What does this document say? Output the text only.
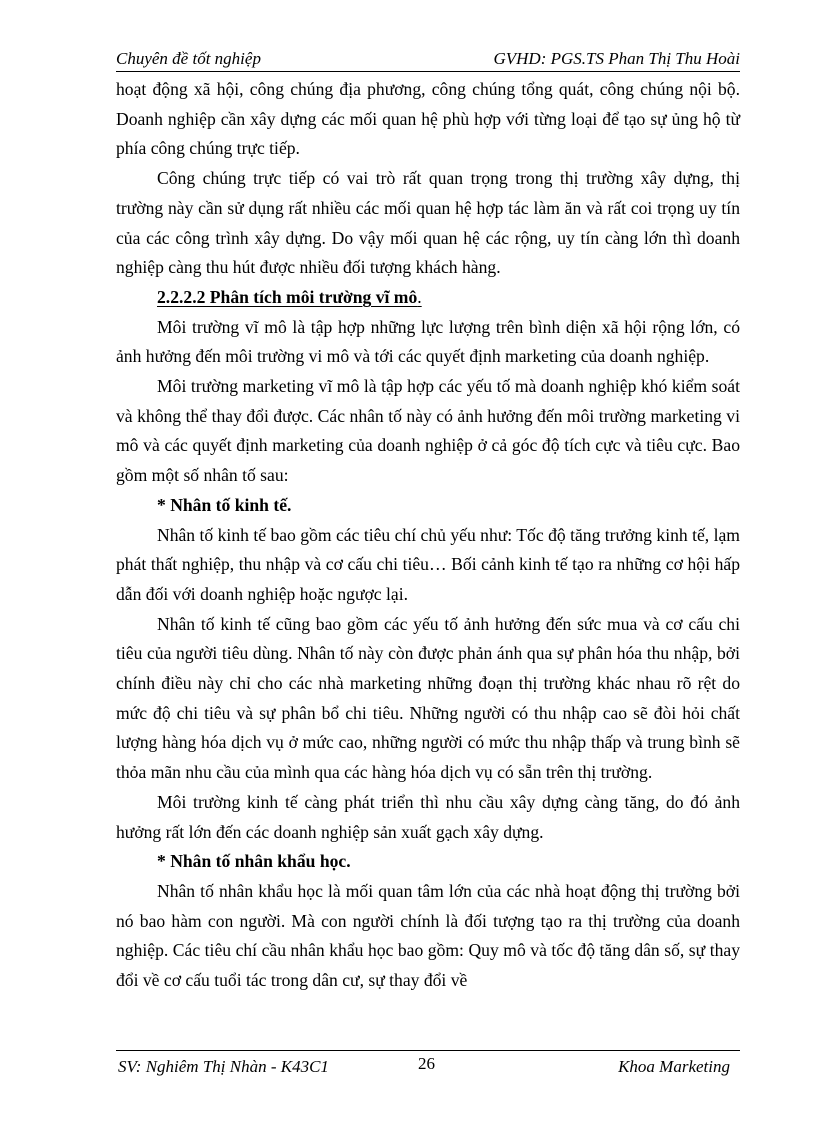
Chuyên đề tốt nghiệp	GVHD: PGS.TS Phan Thị Thu Hoài

hoạt động xã hội, công chúng địa phương, công chúng tổng quát, công chúng nội bộ. Doanh nghiệp cần xây dựng các mối quan hệ phù hợp với từng loại để tạo sự ủng hộ từ phía công chúng trực tiếp.

Công chúng trực tiếp có vai trò rất quan trọng trong thị trường xây dựng, thị trường này cần sử dụng rất nhiều các mối quan hệ hợp tác làm ăn và rất coi trọng uy tín của các công trình xây dựng. Do vậy mối quan hệ các rộng, uy tín càng lớn thì doanh nghiệp càng thu hút được nhiều đối tượng khách hàng.

2.2.2.2 Phân tích môi trường vĩ mô.

Môi trường vĩ mô là tập hợp những lực lượng trên bình diện xã hội rộng lớn, có ảnh hưởng đến môi trường vi mô và tới các quyết định marketing của doanh nghiệp.

Môi trường marketing vĩ mô là tập hợp các yếu tố mà doanh nghiệp khó kiểm soát và không thể thay đổi được. Các nhân tố này có ảnh hưởng đến môi trường marketing vi mô và các quyết định marketing của doanh nghiệp ở cả góc độ tích cực và tiêu cực. Bao gồm một số nhân tố sau:

* Nhân tố kinh tế.

Nhân tố kinh tế bao gồm các tiêu chí chủ yếu như: Tốc độ tăng trưởng kinh tế, lạm phát thất nghiệp, thu nhập và cơ cấu chi tiêu… Bối cảnh kinh tế tạo ra những cơ hội hấp dẫn đối với doanh nghiệp hoặc ngược lại.

Nhân tố kinh tế cũng bao gồm các yếu tố ảnh hưởng đến sức mua và cơ cấu chi tiêu của người tiêu dùng. Nhân tố này còn được phản ánh qua sự phân hóa thu nhập, bởi chính điều này chỉ cho các nhà marketing những đoạn thị trường khác nhau rõ rệt do mức độ chi tiêu và sự phân bổ chi tiêu. Những người có thu nhập cao sẽ đòi hỏi chất lượng hàng hóa dịch vụ ở mức cao, những người có mức thu nhập thấp và trung bình sẽ thỏa mãn nhu cầu của mình qua các hàng hóa dịch vụ có sẵn trên thị trường.

Môi trường kinh tế càng phát triển thì nhu cầu xây dựng càng tăng, do đó ảnh hưởng rất lớn đến các doanh nghiệp sản xuất gạch xây dựng.

* Nhân tố nhân khẩu học.

Nhân tố nhân khẩu học là mối quan tâm lớn của các nhà hoạt động thị trường bởi nó bao hàm con người. Mà con người chính là đối tượng tạo ra thị trường của doanh nghiệp. Các tiêu chí cầu nhân khẩu học bao gồm: Quy mô và tốc độ tăng dân số, sự thay đổi về cơ cấu tuổi tác trong dân cư, sự thay đổi về

SV: Nghiêm Thị Nhàn - K43C1	26	Khoa Marketing
